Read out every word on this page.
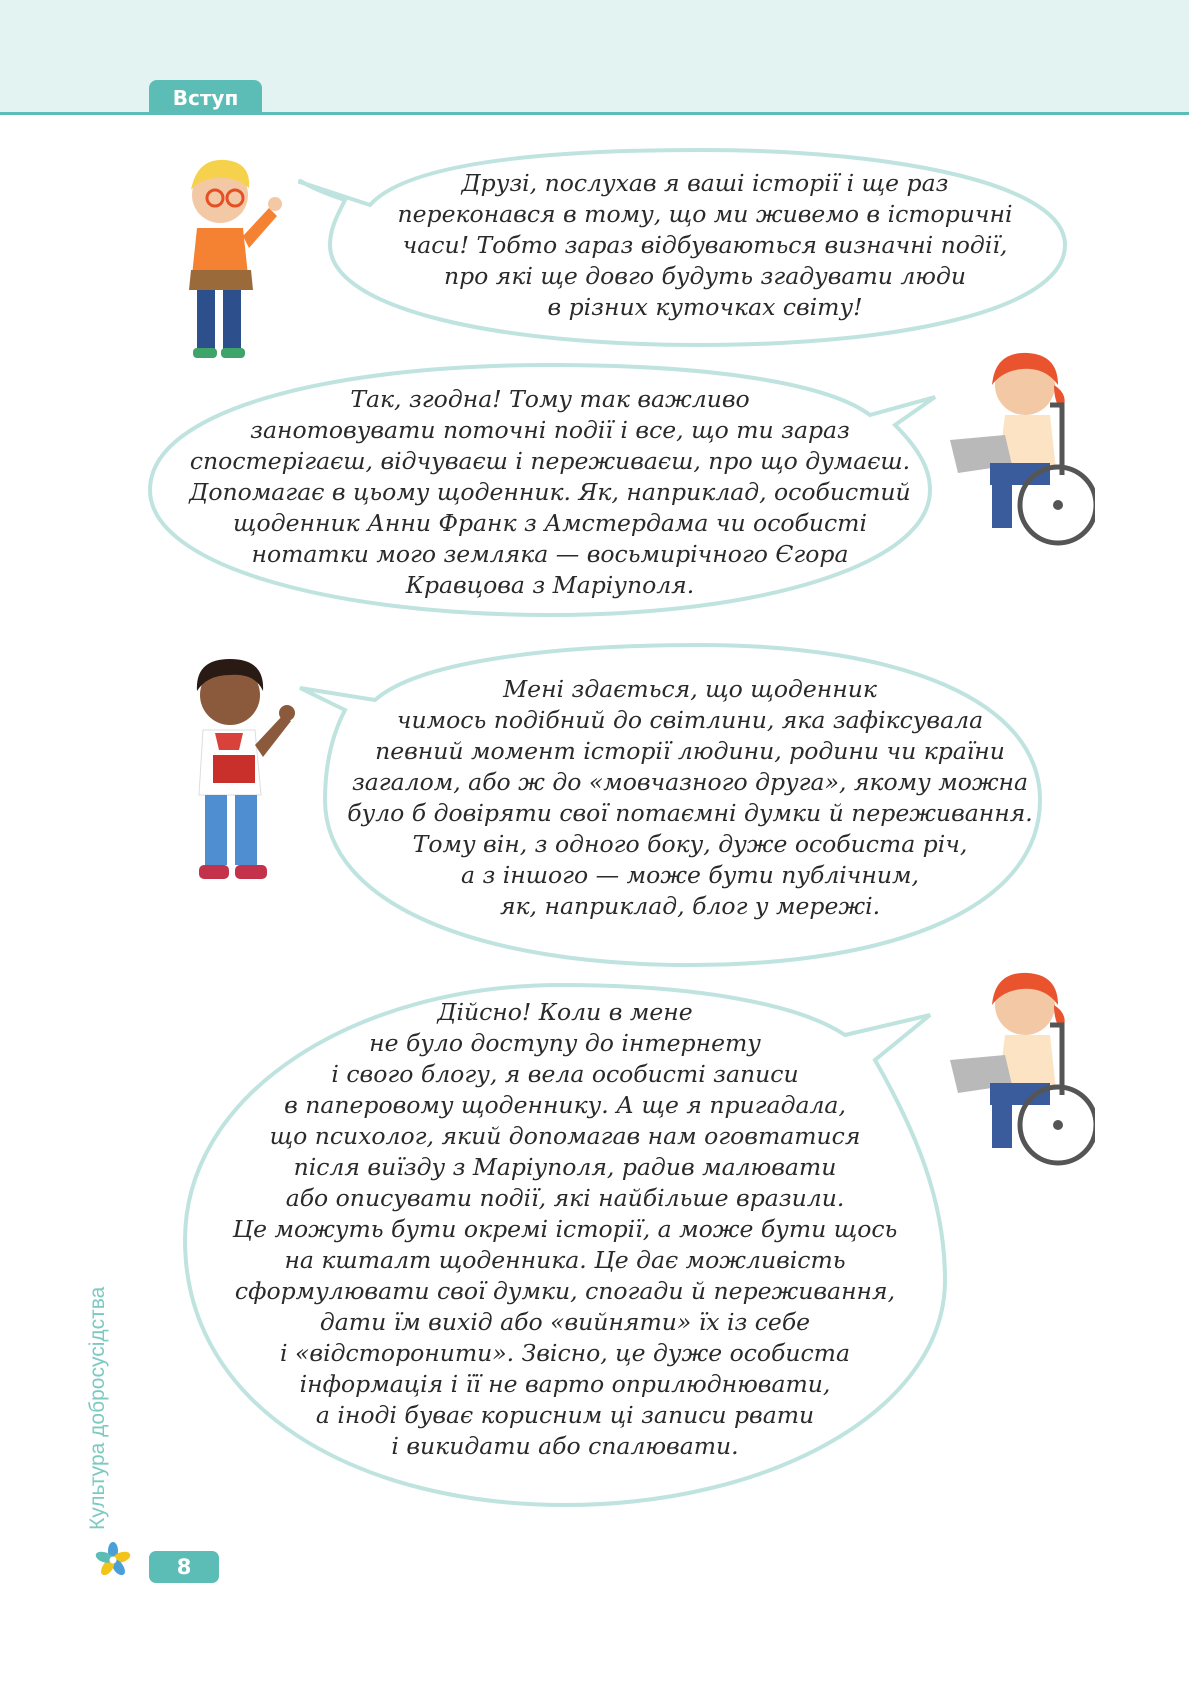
Вступ

Друзі, послухав я ваші історії і ще раз

переконався в тому, що ми живемо в історичні

часи! Тобто зараз відбуваються визначні події,

про які ще довго будуть згадувати люди

в різних куточках світу!

Так, згодна! Тому так важливо

занотовувати поточні події і все, що ти зараз

спостерігаєш, відчуваєш і переживаєш, про що думаєш.

Допомагає в цьому щоденник. Як, наприклад, особистий

щоденник Анни Франк з Амстердама чи особисті

нотатки мого земляка — восьмирічного Єгора

Кравцова з Маріуполя.

Мені здається, що щоденник

чимось подібний до світлини, яка зафіксувала

певний момент історії людини, родини чи країни

загалом, або ж до «мовчазного друга», якому можна

було б довіряти свої потаємні думки й переживання.

Тому він, з одного боку, дуже особиста річ,

а з іншого — може бути публічним,

як, наприклад, блог у мережі.

Дійсно! Коли в мене

не було доступу до інтернету

і свого блогу, я вела особисті записи

в паперовому щоденнику. А ще я пригадала,

що психолог, який допомагав нам оговтатися

після виїзду з Маріуполя, радив малювати

або описувати події, які найбільше вразили.

Це можуть бути окремі історії, а може бути щось

на кшталт щоденника. Це дає можливість

сформулювати свої думки, спогади й переживання,

дати їм вихід або «вийняти» їх із себе

і «відсторонити». Звісно, це дуже особиста

інформація і її не варто оприлюднювати,

а іноді буває корисним ці записи рвати

і викидати або спалювати.

Культура добросусідства
8
